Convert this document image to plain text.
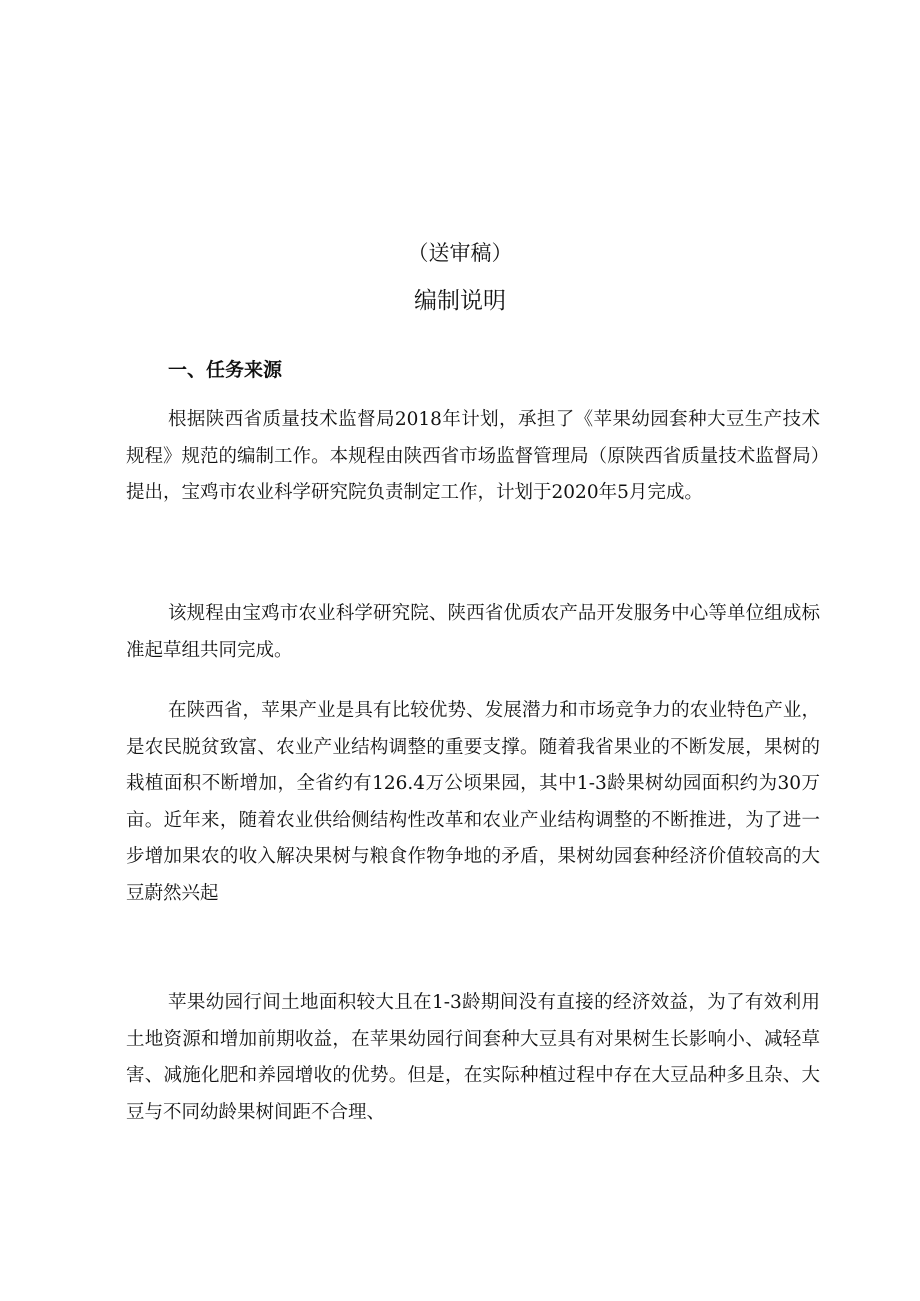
（送审稿）
编制说明
一、任务来源

根据陕西省质量技术监督局2018年计划，承担了《苹果幼园套种大豆生产技术规程》规范的编制工作。本规程由陕西省市场监督管理局（原陕西省质量技术监督局）提出，宝鸡市农业科学研究院负责制定工作，计划于2020年5月完成。

该规程由宝鸡市农业科学研究院、陕西省优质农产品开发服务中心等单位组成标准起草组共同完成。

在陕西省，苹果产业是具有比较优势、发展潜力和市场竞争力的农业特色产业，是农民脱贫致富、农业产业结构调整的重要支撑。随着我省果业的不断发展，果树的栽植面积不断增加，全省约有126.4万公顷果园，其中1-3龄果树幼园面积约为30万亩。近年来，随着农业供给侧结构性改革和农业产业结构调整的不断推进，为了进一步增加果农的收入解决果树与粮食作物争地的矛盾，果树幼园套种经济价值较高的大豆蔚然兴起

苹果幼园行间土地面积较大且在1-3龄期间没有直接的经济效益，为了有效利用土地资源和增加前期收益，在苹果幼园行间套种大豆具有对果树生长影响小、减轻草害、减施化肥和养园增收的优势。但是，在实际种植过程中存在大豆品种多且杂、大豆与不同幼龄果树间距不合理、
